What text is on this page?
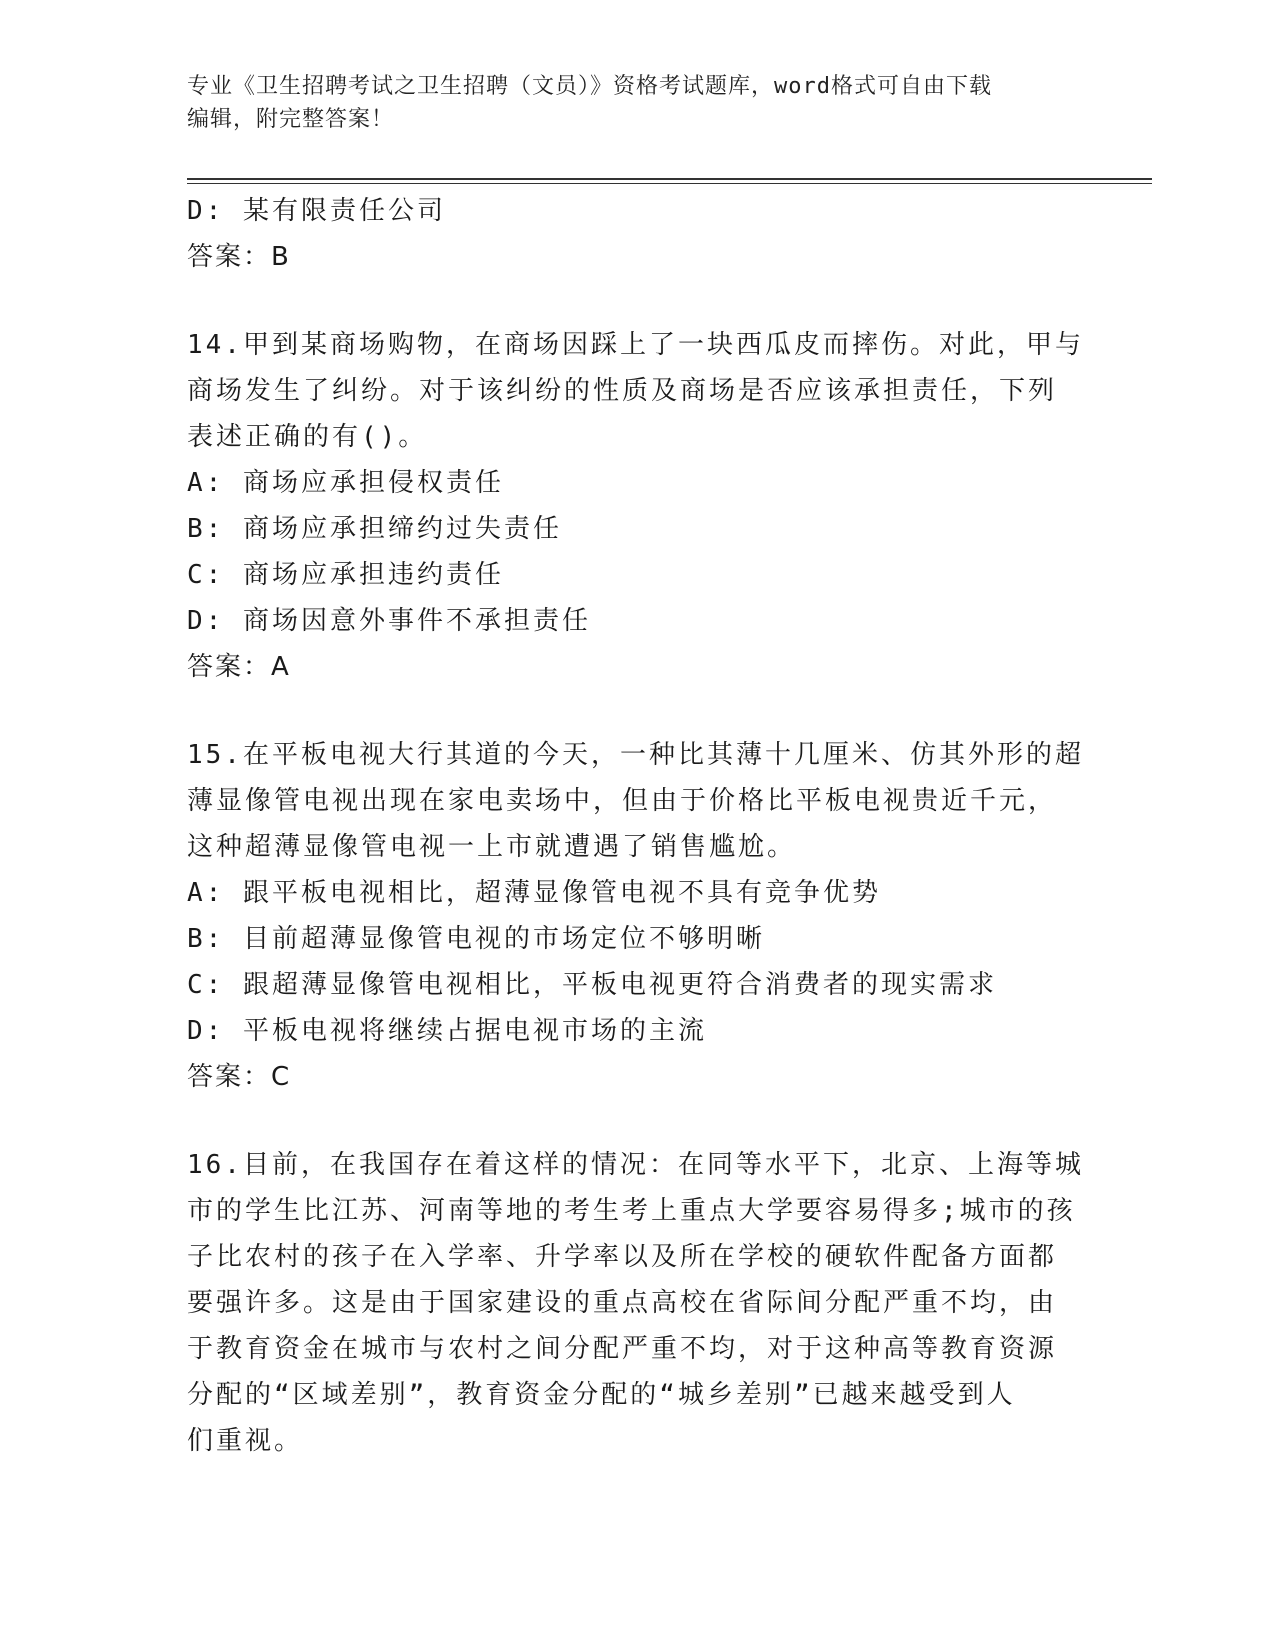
专业《卫生招聘考试之卫生招聘（文员）》资格考试题库，word格式可自由下载
编辑，附完整答案！
D: 某有限责任公司
答案：B
14.甲到某商场购物，在商场因踩上了一块西瓜皮而摔伤。对此，甲与
商场发生了纠纷。对于该纠纷的性质及商场是否应该承担责任，下列
表述正确的有()。
A: 商场应承担侵权责任
B: 商场应承担缔约过失责任
C: 商场应承担违约责任
D: 商场因意外事件不承担责任
答案：A
15.在平板电视大行其道的今天，一种比其薄十几厘米、仿其外形的超
薄显像管电视出现在家电卖场中，但由于价格比平板电视贵近千元，
这种超薄显像管电视一上市就遭遇了销售尴尬。
A: 跟平板电视相比，超薄显像管电视不具有竞争优势
B: 目前超薄显像管电视的市场定位不够明晰
C: 跟超薄显像管电视相比，平板电视更符合消费者的现实需求
D: 平板电视将继续占据电视市场的主流
答案：C
16.目前，在我国存在着这样的情况：在同等水平下，北京、上海等城
市的学生比江苏、河南等地的考生考上重点大学要容易得多;城市的孩
子比农村的孩子在入学率、升学率以及所在学校的硬软件配备方面都
要强许多。这是由于国家建设的重点高校在省际间分配严重不均，由
于教育资金在城市与农村之间分配严重不均，对于这种高等教育资源
分配的“区域差别”，教育资金分配的“城乡差别”已越来越受到人
们重视。
